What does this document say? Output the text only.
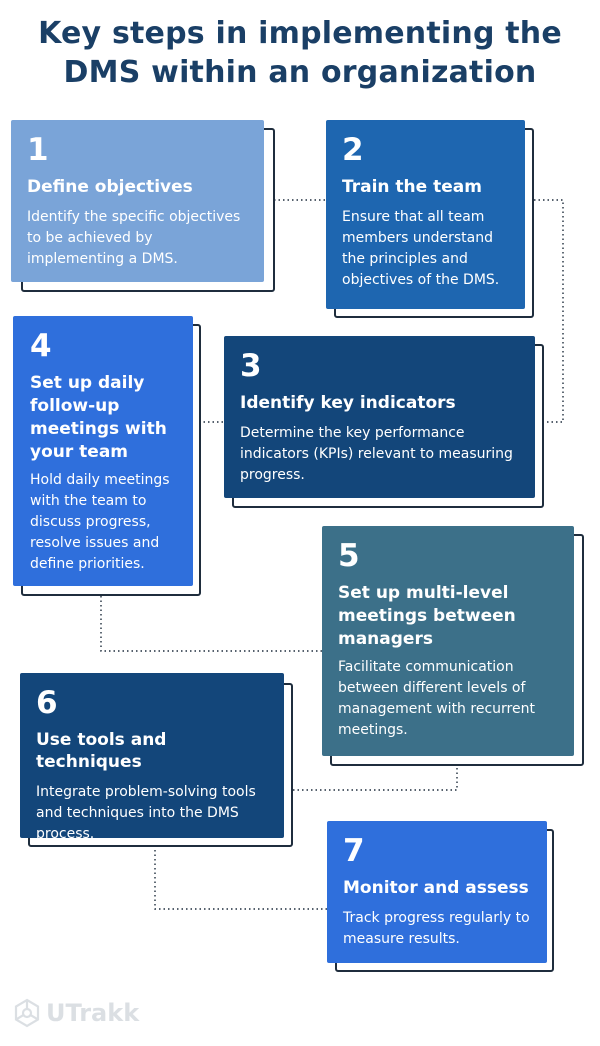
Key steps in implementing the
DMS within an organization
1
Define objectives
Identify the specific objectives to be achieved by implementing a DMS.
2
Train the team
Ensure that all team members understand the principles and objectives of the DMS.
4
Set up daily follow-up meetings with your team
Hold daily meetings with the team to discuss progress, resolve issues and define priorities.
3
Identify key indicators
Determine the key performance indicators (KPIs) relevant to measuring progress.
5
Set up multi-level meetings between managers
Facilitate communication between different levels of management with recurrent meetings.
6
Use tools and techniques
Integrate problem-solving tools and techniques into the DMS process.	7
Monitor and assess
Track progress regularly to measure results.
UTrakk
